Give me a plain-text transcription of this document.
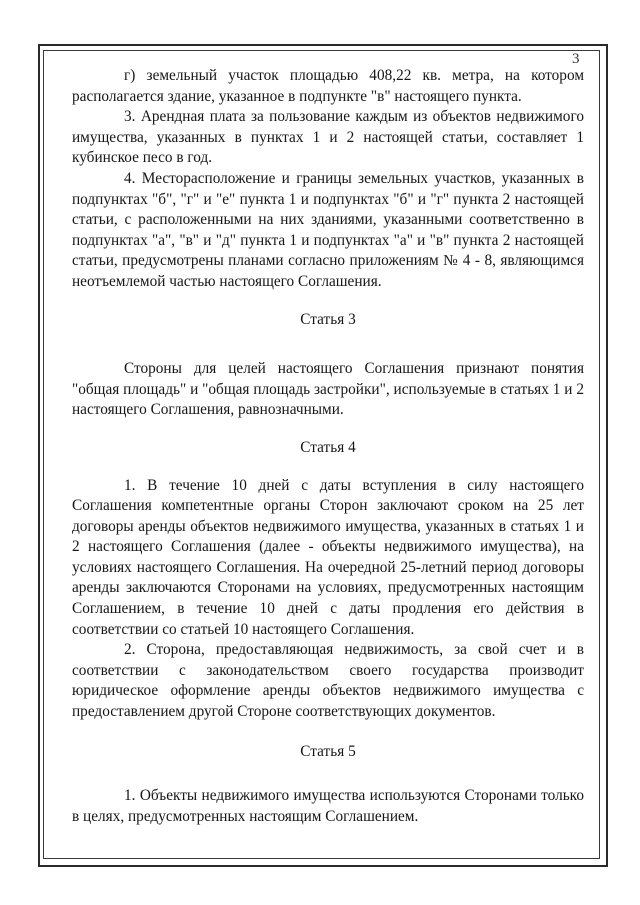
3

г) земельный участок площадью 408,22 кв. метра, на котором располагается здание, указанное в подпункте "в" настоящего пункта.

3. Арендная плата за пользование каждым из объектов недвижимого имущества, указанных в пунктах 1 и 2 настоящей статьи, составляет 1 кубинское песо в год.

4. Месторасположение и границы земельных участков, указанных в подпунктах "б", "г" и "е" пункта 1 и подпунктах "б" и "г" пункта 2 настоящей статьи, с расположенными на них зданиями, указанными соответственно в подпунктах "а", "в" и "д" пункта 1 и подпунктах "а" и "в" пункта 2 настоящей статьи, предусмотрены планами согласно приложениям № 4 - 8, являющимся неотъемлемой частью настоящего Соглашения.

Статья 3

Стороны для целей настоящего Соглашения признают понятия "общая площадь" и "общая площадь застройки", используемые в статьях 1 и 2 настоящего Соглашения, равнозначными.

Статья 4

1. В течение 10 дней с даты вступления в силу настоящего Соглашения компетентные органы Сторон заключают сроком на 25 лет договоры аренды объектов недвижимого имущества, указанных в статьях 1 и 2 настоящего Соглашения (далее - объекты недвижимого имущества), на условиях настоящего Соглашения. На очередной 25-летний период договоры аренды заключаются Сторонами на условиях, предусмотренных настоящим Соглашением, в течение 10 дней с даты продления его действия в соответствии со статьей 10 настоящего Соглашения.

2. Сторона, предоставляющая недвижимость, за свой счет и в соответствии с законодательством своего государства производит юридическое оформление аренды объектов недвижимого имущества с предоставлением другой Стороне соответствующих документов.

Статья 5

1. Объекты недвижимого имущества используются Сторонами только в целях, предусмотренных настоящим Соглашением.
